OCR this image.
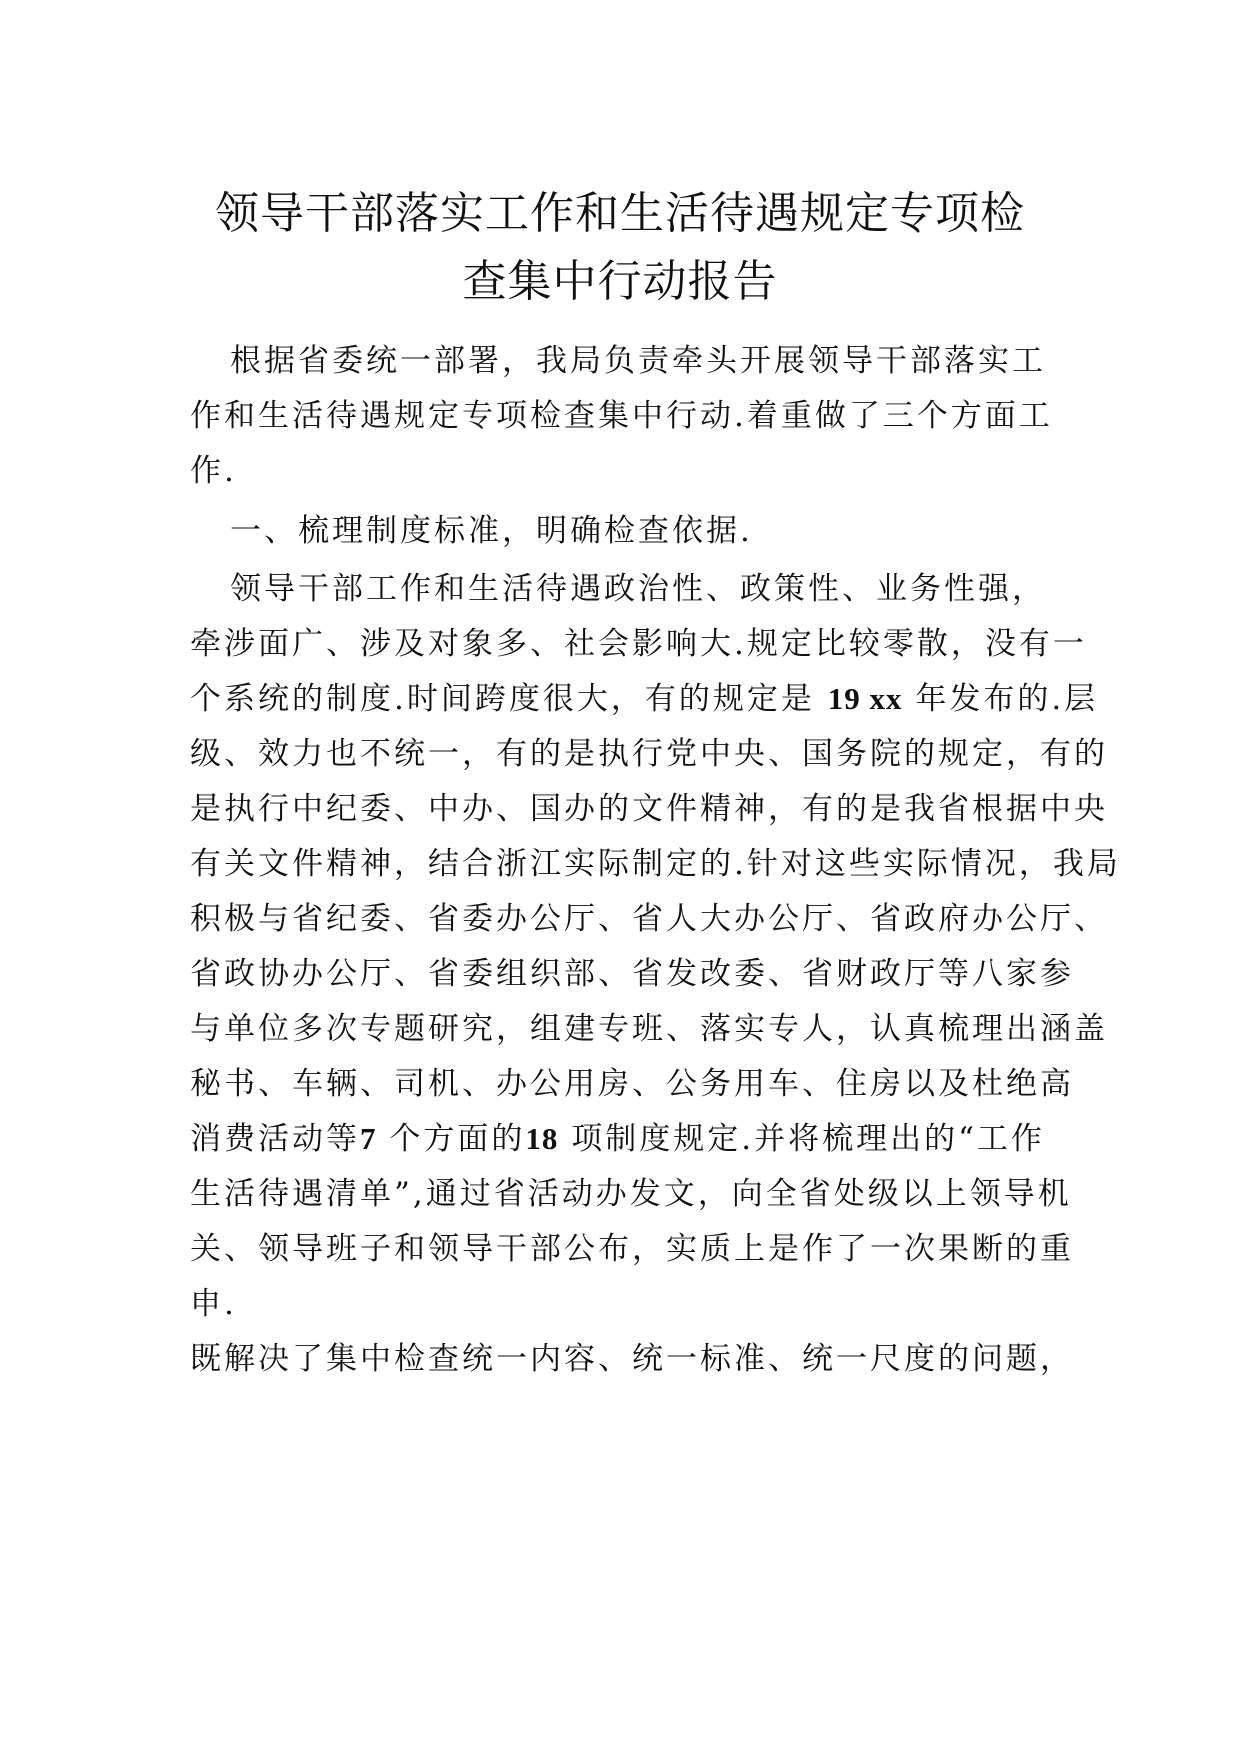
领导干部落实工作和生活待遇规定专项检
查集中行动报告
根据省委统一部署，我局负责牵头开展领导干部落实工
作和生活待遇规定专项检查集中行动.着重做了三个方面工
作.
一、梳理制度标准，明确检查依据.
领导干部工作和生活待遇政治性、政策性、业务性强，
牵涉面广、涉及对象多、社会影响大.规定比较零散，没有一
个系统的制度.时间跨度很大，有的规定是 19 xx 年发布的.层
级、效力也不统一，有的是执行党中央、国务院的规定，有的
是执行中纪委、中办、国办的文件精神，有的是我省根据中央
有关文件精神，结合浙江实际制定的.针对这些实际情况，我局
积极与省纪委、省委办公厅、省人大办公厅、省政府办公厅、
省政协办公厅、省委组织部、省发改委、省财政厅等八家参
与单位多次专题研究，组建专班、落实专人，认真梳理出涵盖
秘书、车辆、司机、办公用房、公务用车、住房以及杜绝高
消费活动等7 个方面的18 项制度规定.并将梳理出的“工作
生活待遇清单”,通过省活动办发文，向全省处级以上领导机
关、领导班子和领导干部公布，实质上是作了一次果断的重
申.
既解决了集中检查统一内容、统一标准、统一尺度的问题，
